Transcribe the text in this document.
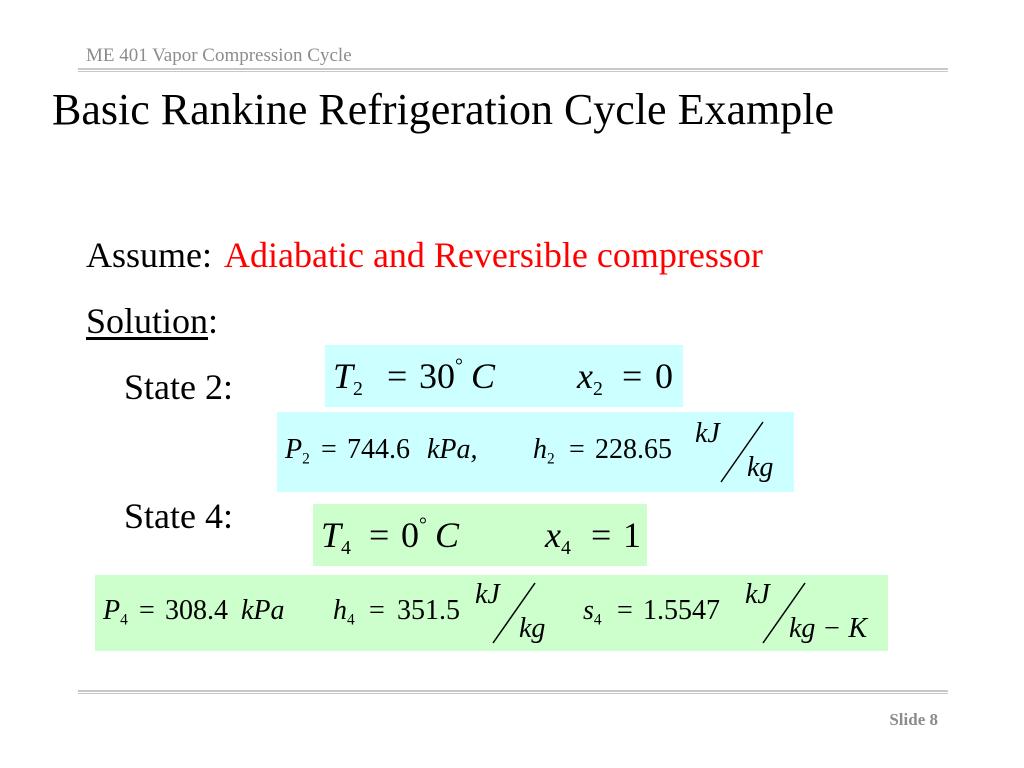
ME 401 Vapor Compression Cycle
Basic Rankine Refrigeration Cycle Example
Assume: Adiabatic and Reversible compressor
Solution:
State 2:	$T_2 = 30^\circ$ C $x_2 = 0$
$P_2 = 744.6$ kPa, $h_2 = 228.65$
kJ
kg
State 4: $T_4 = 0^\circ$ C $x_4 = 1$
$P_4 = 308.4$ kPa $h_4 = 351.5$
kJ
kg
$s_4 = 1.5547$
kJ
kg − K
Slide 8
